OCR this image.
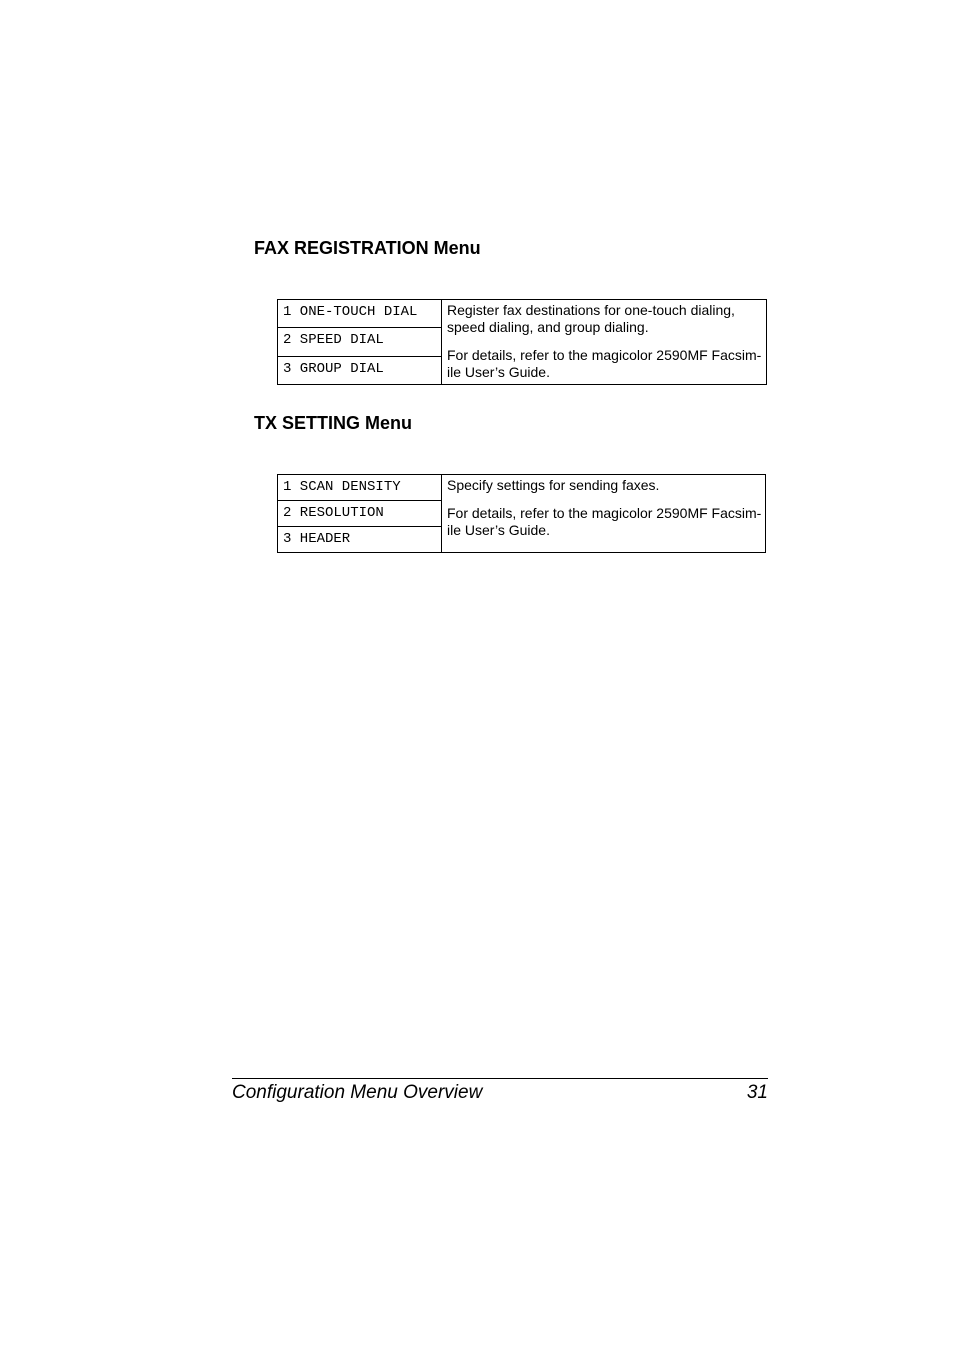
FAX REGISTRATION Menu
1 ONE-TOUCH DIAL	Register fax destinations for one-touch dialing, speed dialing, and group dialing.

For details, refer to the magicolor 2590MF Facsim-ile User’s Guide.

2 SPEED DIAL
3 GROUP DIAL
TX SETTING Menu
1 SCAN DENSITY	Specify settings for sending faxes.

For details, refer to the magicolor 2590MF Facsim-ile User’s Guide.

2 RESOLUTION
3 HEADER
Configuration Menu Overview	31
